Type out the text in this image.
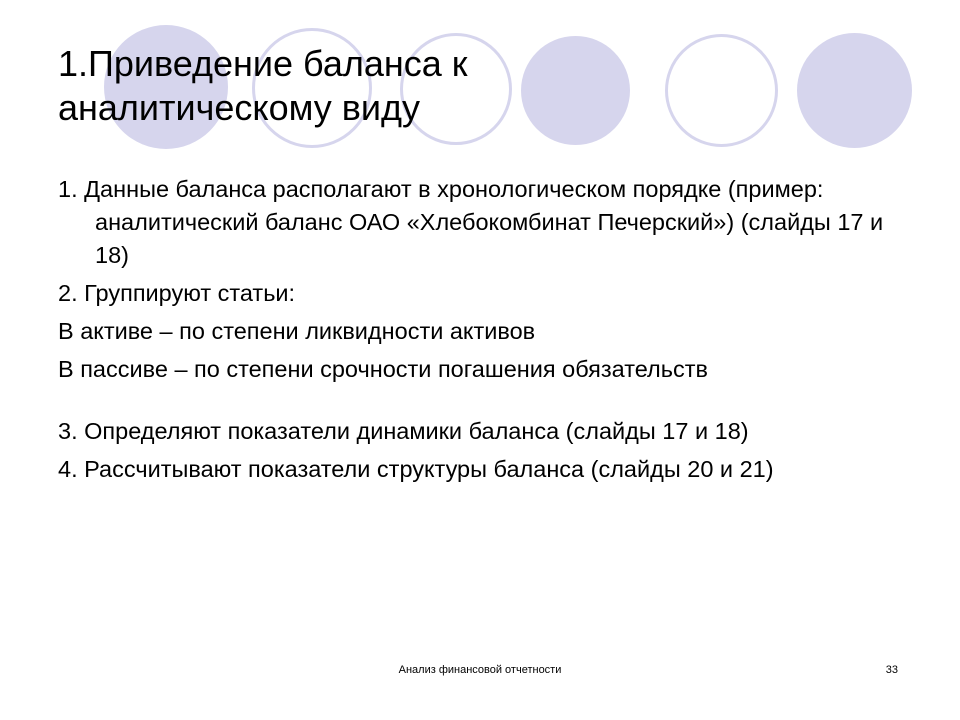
1.Приведение баланса к аналитическому виду

1. Данные баланса располагают в хронологическом порядке (пример: аналитический баланс ОАО «Хлебокомбинат Печерский») (слайды 17 и 18)

2. Группируют статьи:

В активе – по степени ликвидности активов

В пассиве – по степени срочности погашения обязательств

3. Определяют показатели динамики баланса (слайды 17 и 18)

4. Рассчитывают показатели структуры баланса (слайды 20 и 21)

Анализ финансовой отчетности	33
